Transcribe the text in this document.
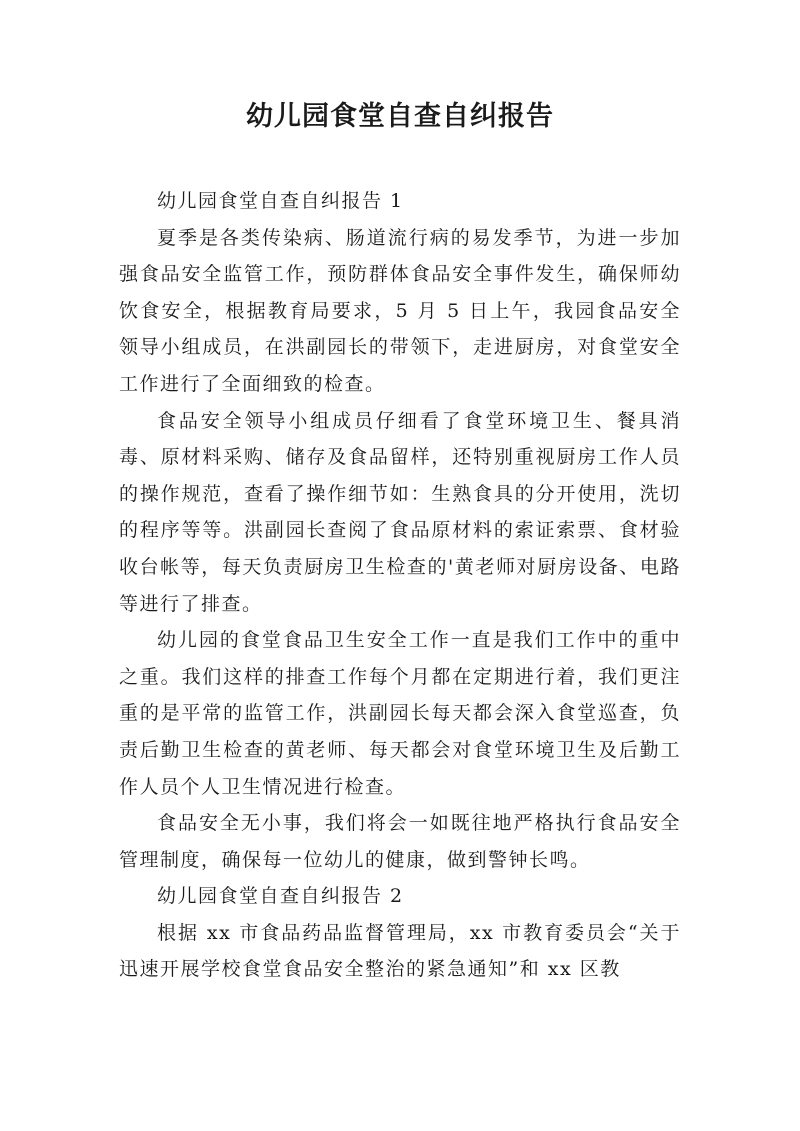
幼儿园食堂自查自纠报告

幼儿园食堂自查自纠报告 1

夏季是各类传染病、肠道流行病的易发季节，为进一步加强食品安全监管工作，预防群体食品安全事件发生，确保师幼饮食安全，根据教育局要求，5 月 5 日上午，我园食品安全领导小组成员，在洪副园长的带领下，走进厨房，对食堂安全工作进行了全面细致的检查。

食品安全领导小组成员仔细看了食堂环境卫生、餐具消毒、原材料采购、储存及食品留样，还特别重视厨房工作人员的操作规范，查看了操作细节如：生熟食具的分开使用，洗切的程序等等。洪副园长查阅了食品原材料的索证索票、食材验收台帐等，每天负责厨房卫生检查的'黄老师对厨房设备、电路等进行了排查。

幼儿园的食堂食品卫生安全工作一直是我们工作中的重中之重。我们这样的排查工作每个月都在定期进行着，我们更注重的是平常的监管工作，洪副园长每天都会深入食堂巡查，负责后勤卫生检查的黄老师、每天都会对食堂环境卫生及后勤工作人员个人卫生情况进行检查。

食品安全无小事，我们将会一如既往地严格执行食品安全管理制度，确保每一位幼儿的健康，做到警钟长鸣。

幼儿园食堂自查自纠报告 2

根据 xx 市食品药品监督管理局，xx 市教育委员会“关于迅速开展学校食堂食品安全整治的紧急通知”和 xx 区教
